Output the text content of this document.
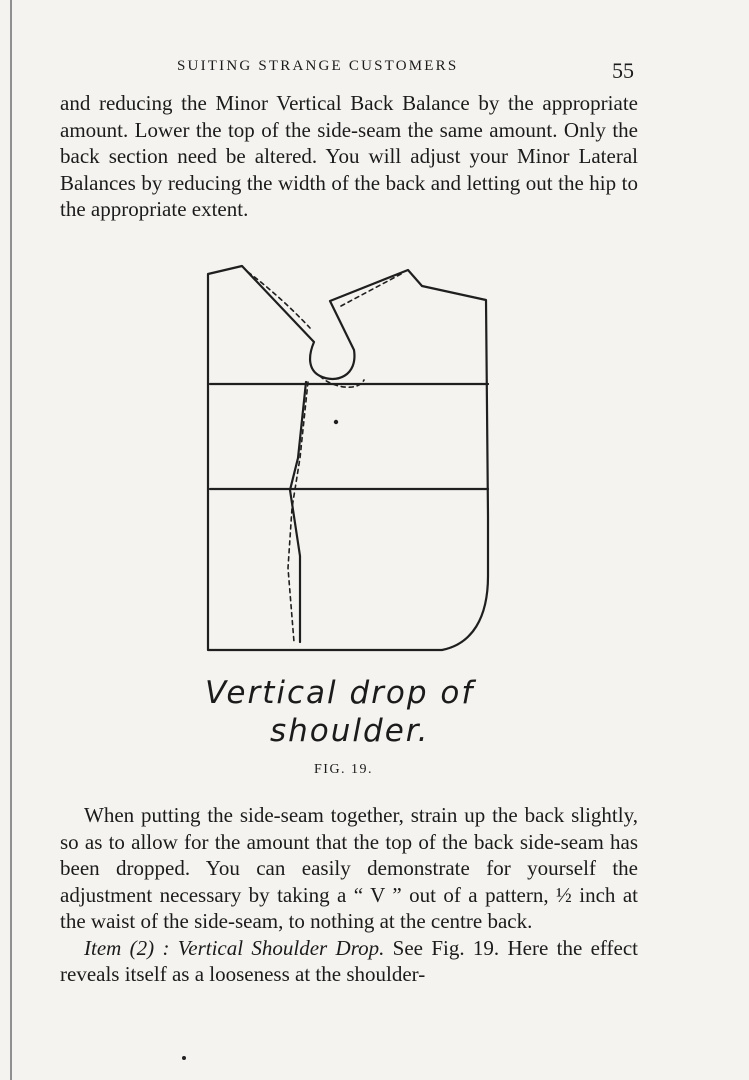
SUITING STRANGE CUSTOMERS	55

and reducing the Minor Vertical Back Balance by the appropriate amount. Lower the top of the side-seam the same amount. Only the back section need be altered. You will adjust your Minor Lateral Balances by reducing the width of the back and letting out the hip to the appropriate extent.

Vertical drop of
shoulder.
FIG. 19.

When putting the side-seam together, strain up the back slightly, so as to allow for the amount that the top of the back side-seam has been dropped. You can easily demonstrate for yourself the adjustment necessary by taking a “ V ” out of a pattern, ½ inch at the waist of the side-seam, to nothing at the centre back.

Item (2) : Vertical Shoulder Drop. See Fig. 19. Here the effect reveals itself as a looseness at the shoulder-
